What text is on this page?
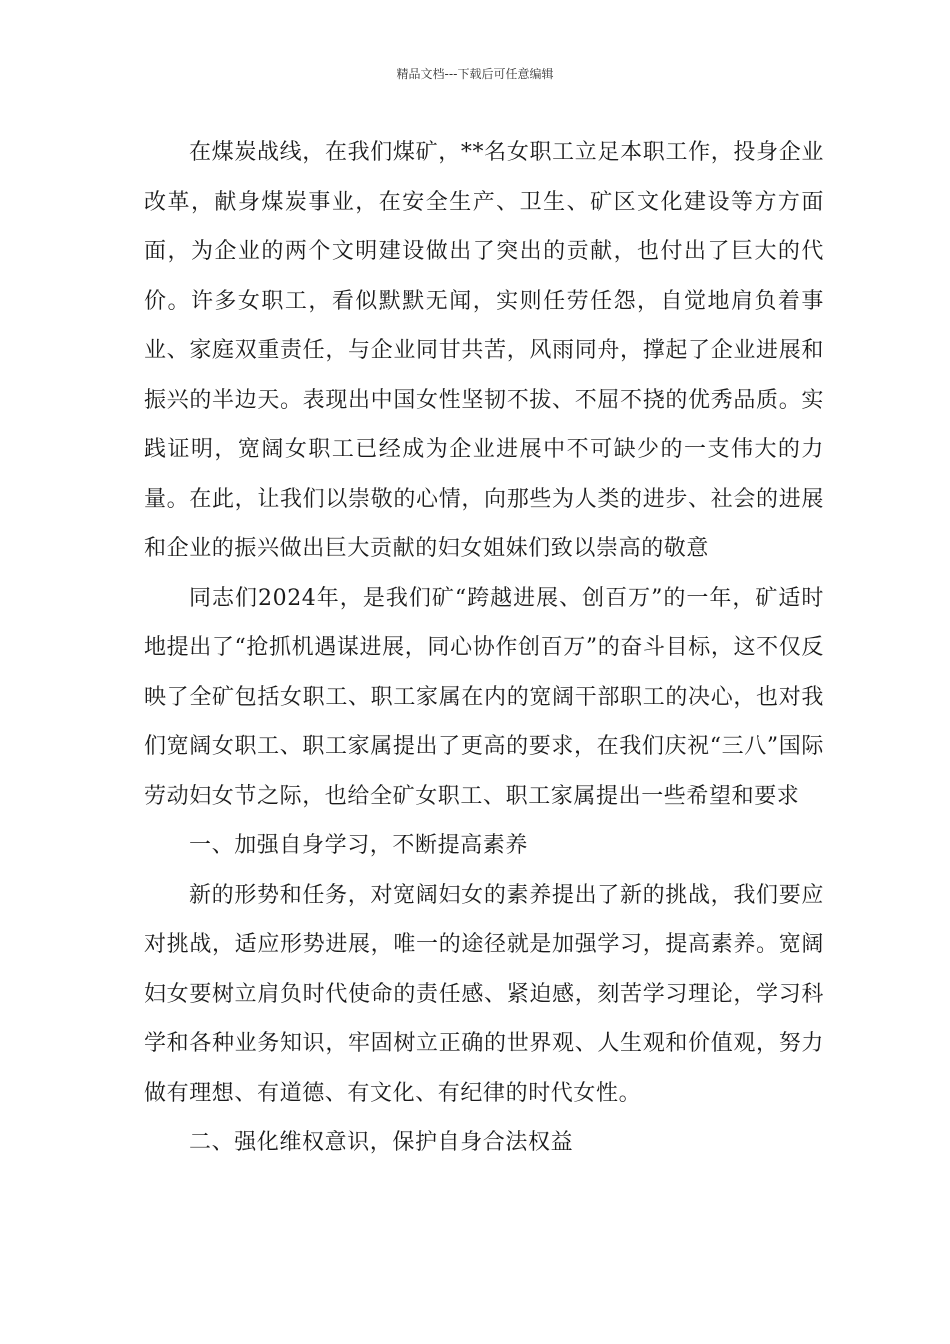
精品文档---下载后可任意编辑

在煤炭战线，在我们煤矿，**名女职工立足本职工作，投身企业改革，献身煤炭事业，在安全生产、卫生、矿区文化建设等方方面面，为企业的两个文明建设做出了突出的贡献，也付出了巨大的代价。许多女职工，看似默默无闻，实则任劳任怨，自觉地肩负着事业、家庭双重责任，与企业同甘共苦，风雨同舟，撑起了企业进展和振兴的半边天。表现出中国女性坚韧不拔、不屈不挠的优秀品质。实践证明，宽阔女职工已经成为企业进展中不可缺少的一支伟大的力量。在此，让我们以崇敬的心情，向那些为人类的进步、社会的进展和企业的振兴做出巨大贡献的妇女姐妹们致以崇高的敬意

同志们2024年，是我们矿“跨越进展、创百万”的一年，矿适时地提出了“抢抓机遇谋进展，同心协作创百万”的奋斗目标，这不仅反映了全矿包括女职工、职工家属在内的宽阔干部职工的决心，也对我们宽阔女职工、职工家属提出了更高的要求，在我们庆祝“三八”国际劳动妇女节之际，也给全矿女职工、职工家属提出一些希望和要求

一、加强自身学习，不断提高素养

新的形势和任务，对宽阔妇女的素养提出了新的挑战，我们要应对挑战，适应形势进展，唯一的途径就是加强学习，提高素养。宽阔妇女要树立肩负时代使命的责任感、紧迫感，刻苦学习理论，学习科学和各种业务知识，牢固树立正确的世界观、人生观和价值观，努力做有理想、有道德、有文化、有纪律的时代女性。

二、强化维权意识，保护自身合法权益
